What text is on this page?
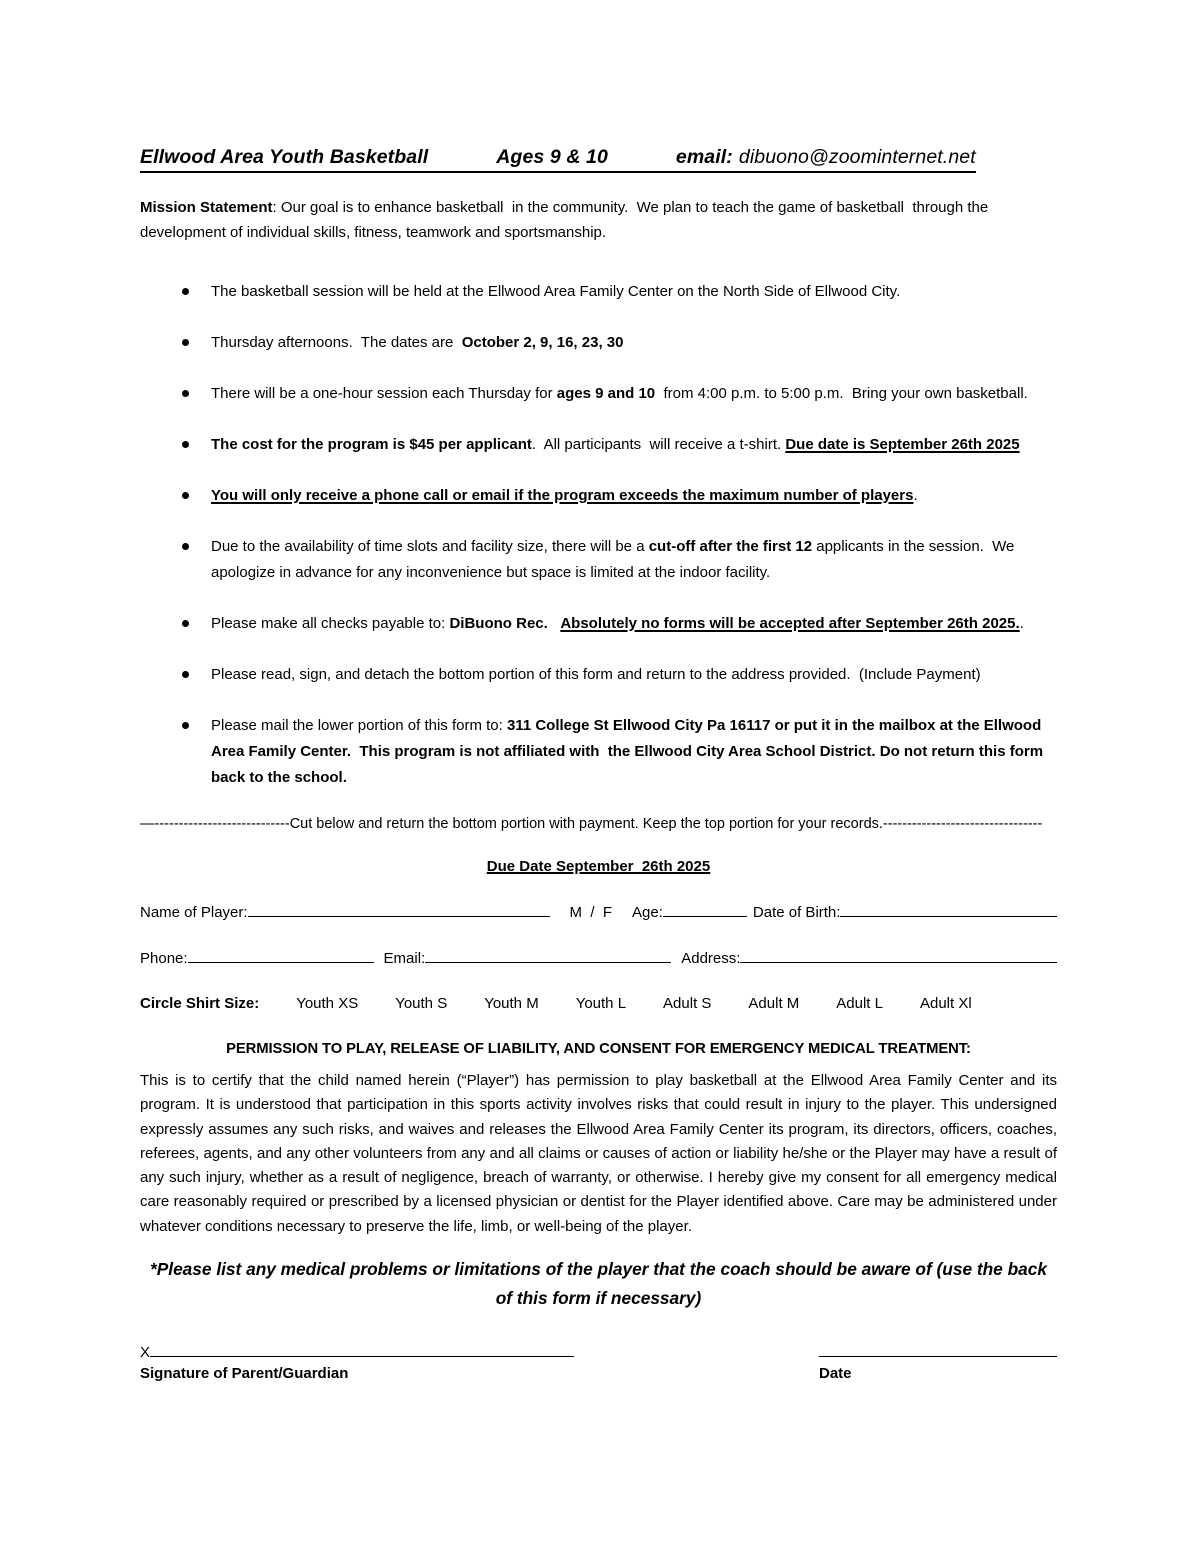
Ellwood Area Youth Basketball	Ages 9 & 10	email: dibuono@zoominternet.net

Mission Statement: Our goal is to enhance basketball  in the community.  We plan to teach the game of basketball  through the development of individual skills, fitness, teamwork and sportsmanship.

The basketball session will be held at the Ellwood Area Family Center on the North Side of Ellwood City.
Thursday afternoons.  The dates are  October 2, 9, 16, 23, 30
There will be a one-hour session each Thursday for ages 9 and 10  from 4:00 p.m. to 5:00 p.m.  Bring your own basketball.
The cost for the program is $45 per applicant.  All participants  will receive a t-shirt. Due date is September 26th 2025
You will only receive a phone call or email if the program exceeds the maximum number of players.
Due to the availability of time slots and facility size, there will be a cut-off after the first 12 applicants in the session.  We apologize in advance for any inconvenience but space is limited at the indoor facility.
Please make all checks payable to: DiBuono Rec. Absolutely no forms will be accepted after September 26th 2025..
Please read, sign, and detach the bottom portion of this form and return to the address provided.  (Include Payment)
Please mail the lower portion of this form to: 311 College St Ellwood City Pa 16117 or put it in the mailbox at the Ellwood Area Family Center.  This program is not affiliated with  the Ellwood City Area School District. Do not return this form back to the school.
—----------------------------Cut below and return the bottom portion with payment. Keep the top portion for your records.---------------------------------
Due Date September  26th 2025
Name of Player:	M  /  F Age:	Date of Birth:
Phone:	Email:	Address:
Circle Shirt Size: Youth XS Youth S Youth M Youth L Adult S Adult M Adult L Adult Xl
PERMISSION TO PLAY, RELEASE OF LIABILITY, AND CONSENT FOR EMERGENCY MEDICAL TREATMENT:

This is to certify that the child named herein (“Player”) has permission to play basketball at the Ellwood Area Family Center and its program. It is understood that participation in this sports activity involves risks that could result in injury to the player. This undersigned expressly assumes any such risks, and waives and releases the Ellwood Area Family Center its program, its directors, officers, coaches, referees, agents, and any other volunteers from any and all claims or causes of action or liability he/she or the Player may have a result of any such injury, whether as a result of negligence, breach of warranty, or otherwise. I hereby give my consent for all emergency medical care reasonably required or prescribed by a licensed physician or dentist for the Player identified above. Care may be administered under whatever conditions necessary to preserve the life, limb, or well-being of the player.

*Please list any medical problems or limitations of the player that the coach should be aware of (use the back of this form if necessary)
X
Signature of Parent/Guardian	Date
